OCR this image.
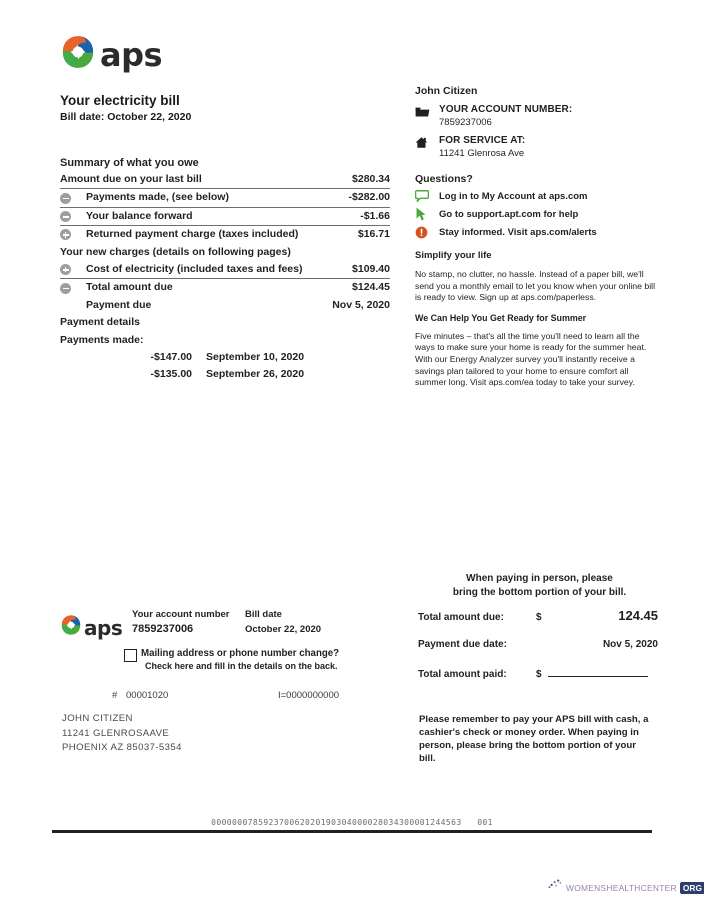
aps
Your electricity bill
Bill date: October 22, 2020
Summary of what you owe
Amount due on your last bill	$280.34
Payments made, (see below)	-$282.00
Your balance forward	-$1.66
Returned payment charge (taxes included)	$16.71
Your new charges (details on following pages)
Cost of electricity (included taxes and fees)	$109.40
Total amount due	$124.45
Payment due	Nov 5, 2020
Payment details
Payments made:
-$147.00	September 10, 2020
-$135.00	September 26, 2020
John Citizen
YOUR ACCOUNT NUMBER:
7859237006
FOR SERVICE AT:
11241 Glenrosa Ave
Questions?
Log in to My Account at aps.com
Go to support.apt.com for help
Stay informed. Visit aps.com/alerts
Simplify your life
No stamp, no clutter, no hassle. Instead of a paper bill, we'll send you a monthly email to let you know when your online bill is ready to view. Sign up at aps.com/paperless.
We Can Help You Get Ready for Summer
Five minutes – that's all the time you'll need to learn all the ways to make sure your home is ready for the summer heat. With our Energy Analyzer survey you'll instantly receive a savings plan tailored to your home to ensure comfort all summer long. Visit aps.com/ea today to take your survey.
When paying in person, please
bring the bottom portion of your bill.
aps
Your account number
7859237006
Bill date
October 22, 2020
Mailing address or phone number change?
Check here and fill in the details on the back.
# 00001020	I=0000000000
JOHN CITIZEN
11241 GLENROSAAVE
PHOENIX AZ 85037-5354
Total amount due:	$	124.45
Payment due date:	Nov 5, 2020
Total amount paid:	$
Please remember to pay your APS bill with cash, a cashier's check or money order. When paying in person, please bring the bottom portion of your bill.
000000078592370062020190304000028034300001244563   001
WOMENSHEALTHCENTER ORG
